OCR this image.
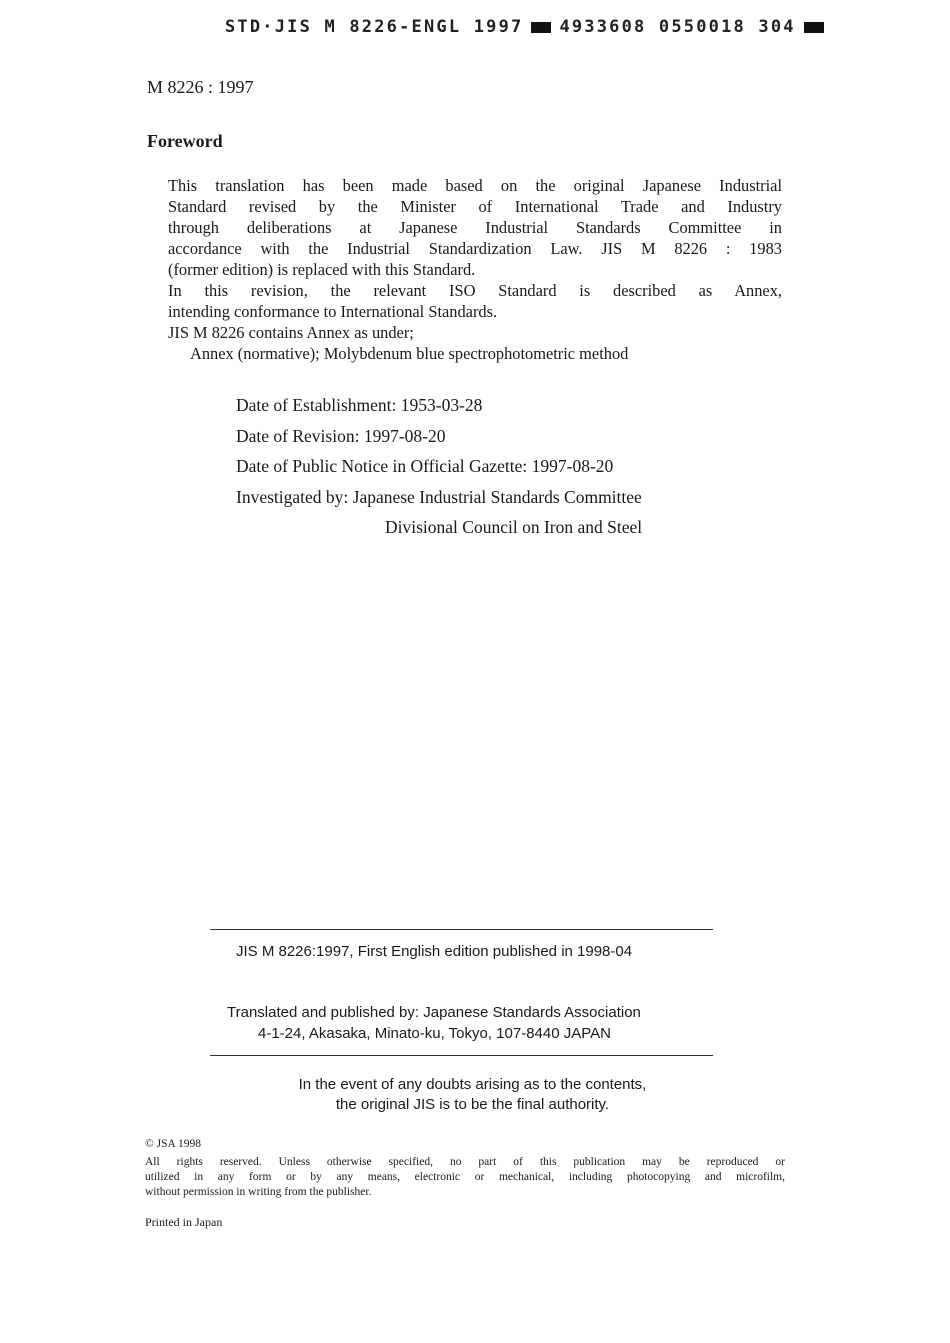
STD·JIS M 8226-ENGL 1997 4933608 0550018 304
M 8226 : 1997
Foreword
This translation has been made based on the original Japanese Industrial
Standard revised by the Minister of International Trade and Industry
through deliberations at Japanese Industrial Standards Committee in
accordance with the Industrial Standardization Law. JIS M 8226 : 1983
(former edition) is replaced with this Standard.
In this revision, the relevant ISO Standard is described as Annex,
intending conformance to International Standards.
JIS M 8226 contains Annex as under;
Annex (normative); Molybdenum blue spectrophotometric method
Date of Establishment: 1953-03-28
Date of Revision: 1997-08-20
Date of Public Notice in Official Gazette: 1997-08-20
Investigated by: Japanese Industrial Standards Committee
Divisional Council on Iron and Steel
JIS M 8226:1997, First English edition published in 1998-04
Translated and published by: Japanese Standards Association
4-1-24, Akasaka, Minato-ku, Tokyo, 107-8440 JAPAN
In the event of any doubts arising as to the contents,
the original JIS is to be the final authority.
© JSA 1998
All rights reserved. Unless otherwise specified, no part of this publication may be reproduced or
utilized in any form or by any means, electronic or mechanical, including photocopying and microfilm,
without permission in writing from the publisher.
Printed in Japan
